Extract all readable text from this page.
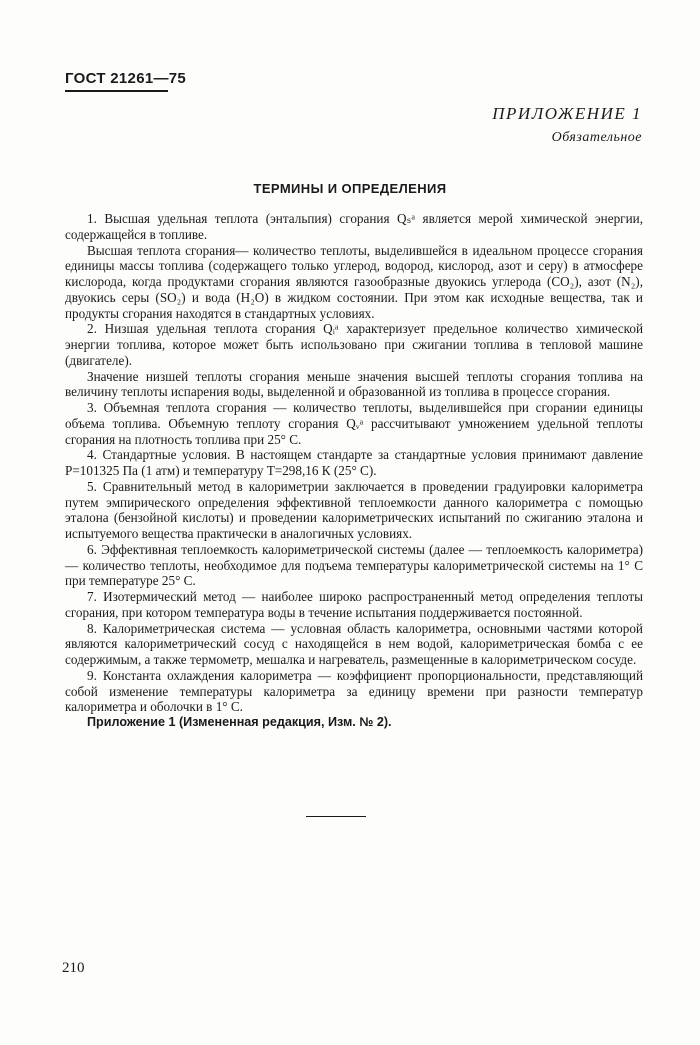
ГОСТ 21261—75
ПРИЛОЖЕНИЕ 1
Обязательное
ТЕРМИНЫ И ОПРЕДЕЛЕНИЯ

1. Высшая удельная теплота (энтальпия) сгорания Qₛᵃ является мерой химической энергии, содержащейся в топливе.

Высшая теплота сгорания— количество теплоты, выделившейся в идеальном процессе сгорания единицы массы топлива (содержащего только углерод, водород, кислород, азот и серу) в атмосфере кислорода, когда продуктами сгорания являются газообразные двуокись углерода (CO₂), азот (N₂), двуокись серы (SO₂) и вода (H₂O) в жидком состоянии. При этом как исходные вещества, так и продукты сгорания находятся в стандартных условиях.

2. Низшая удельная теплота сгорания Qᵢᵃ характеризует предельное количество химической энергии топлива, которое может быть использовано при сжигании топлива в тепловой машине (двигателе).

Значение низшей теплоты сгорания меньше значения высшей теплоты сгорания топлива на величину теплоты испарения воды, выделенной и образованной из топлива в процессе сгорания.

3. Объемная теплота сгорания — количество теплоты, выделившейся при сгорании единицы объема топлива. Объемную теплоту сгорания Qᵥᵃ рассчитывают умножением удельной теплоты сгорания на плотность топлива при 25° С.

4. Стандартные условия. В настоящем стандарте за стандартные условия принимают давление P=101325 Па (1 атм) и температуру T=298,16 К (25° С).

5. Сравнительный метод в калориметрии заключается в проведении градуировки калориметра путем эмпирического определения эффективной теплоемкости данного калориметра с помощью эталона (бензойной кислоты) и проведении калориметрических испытаний по сжиганию эталона и испытуемого вещества практически в аналогичных условиях.

6. Эффективная теплоемкость калориметрической системы (далее — теплоемкость калориметра) — количество теплоты, необходимое для подъема температуры калориметрической системы на 1° С при температуре 25° С.

7. Изотермический метод — наиболее широко распространенный метод определения теплоты сгорания, при котором температура воды в течение испытания поддерживается постоянной.

8. Калориметрическая система — условная область калориметра, основными частями которой являются калориметрический сосуд с находящейся в нем водой, калориметрическая бомба с ее содержимым, а также термометр, мешалка и нагреватель, размещенные в калориметрическом сосуде.

9. Константа охлаждения калориметра — коэффициент пропорциональности, представляющий собой изменение температуры калориметра за единицу времени при разности температур калориметра и оболочки в 1° С.

Приложение 1 (Измененная редакция, Изм. № 2).

210
